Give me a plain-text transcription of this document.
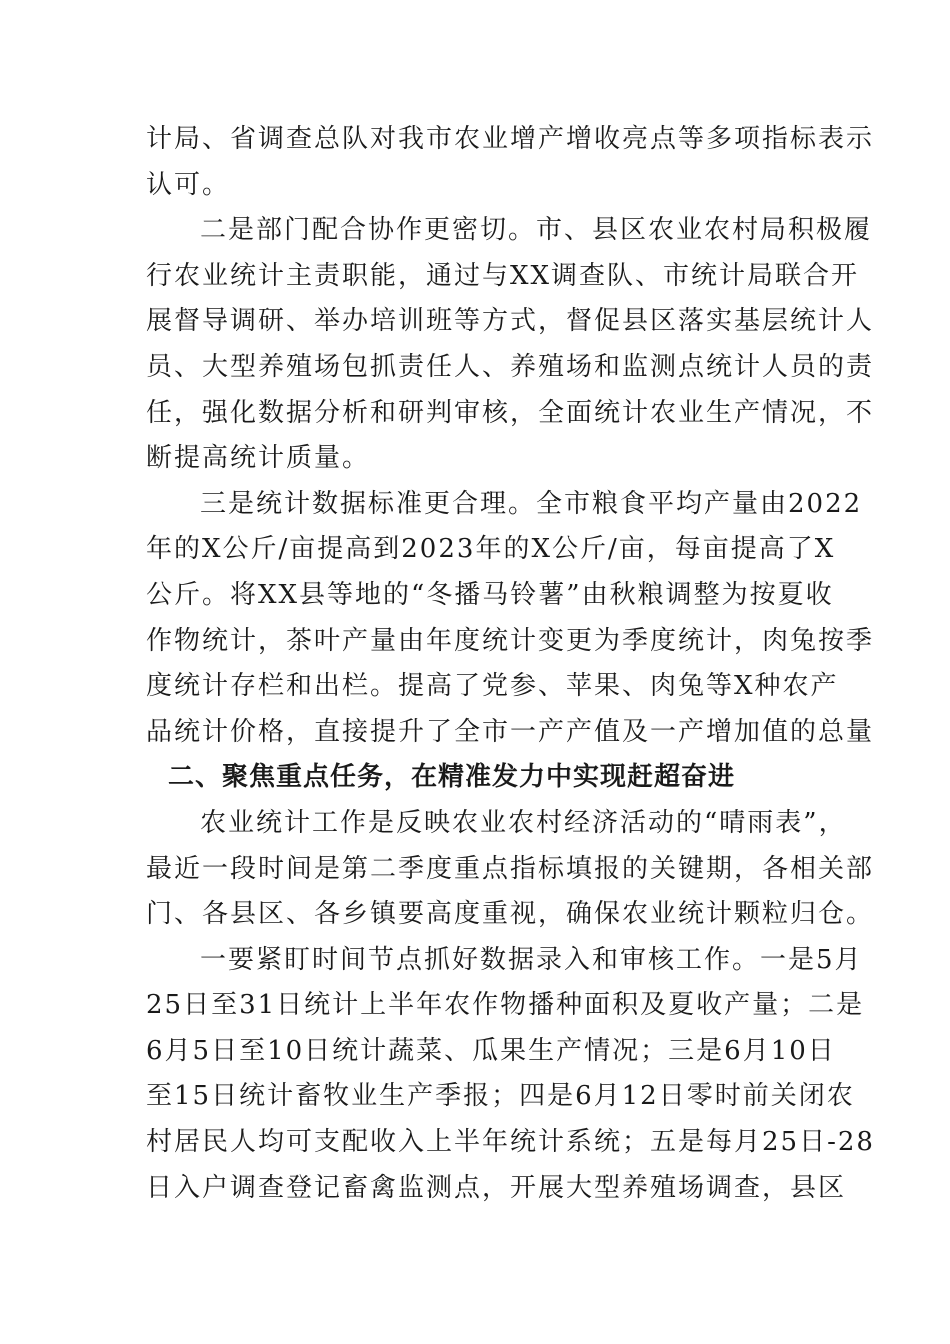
计局、省调查总队对我市农业增产增收亮点等多项指标表示
认可。
二是部门配合协作更密切。市、县区农业农村局积极履
行农业统计主责职能，通过与XX调查队、市统计局联合开
展督导调研、举办培训班等方式，督促县区落实基层统计人
员、大型养殖场包抓责任人、养殖场和监测点统计人员的责
任，强化数据分析和研判审核，全面统计农业生产情况，不
断提高统计质量。
三是统计数据标准更合理。全市粮食平均产量由2022
年的X公斤/亩提高到2023年的X公斤/亩，每亩提高了X
公斤。将XX县等地的“冬播马铃薯”由秋粮调整为按夏收
作物统计，茶叶产量由年度统计变更为季度统计，肉兔按季
度统计存栏和出栏。提高了党参、苹果、肉兔等X种农产
品统计价格，直接提升了全市一产产值及一产增加值的总量
二、聚焦重点任务，在精准发力中实现赶超奋进
农业统计工作是反映农业农村经济活动的“晴雨表”，
最近一段时间是第二季度重点指标填报的关键期，各相关部
门、各县区、各乡镇要高度重视，确保农业统计颗粒归仓。
一要紧盯时间节点抓好数据录入和审核工作。一是5月
25日至31日统计上半年农作物播种面积及夏收产量；二是
6月5日至10日统计蔬菜、瓜果生产情况；三是6月10日
至15日统计畜牧业生产季报；四是6月12日零时前关闭农
村居民人均可支配收入上半年统计系统；五是每月25日-28
日入户调查登记畜禽监测点，开展大型养殖场调查，县区
